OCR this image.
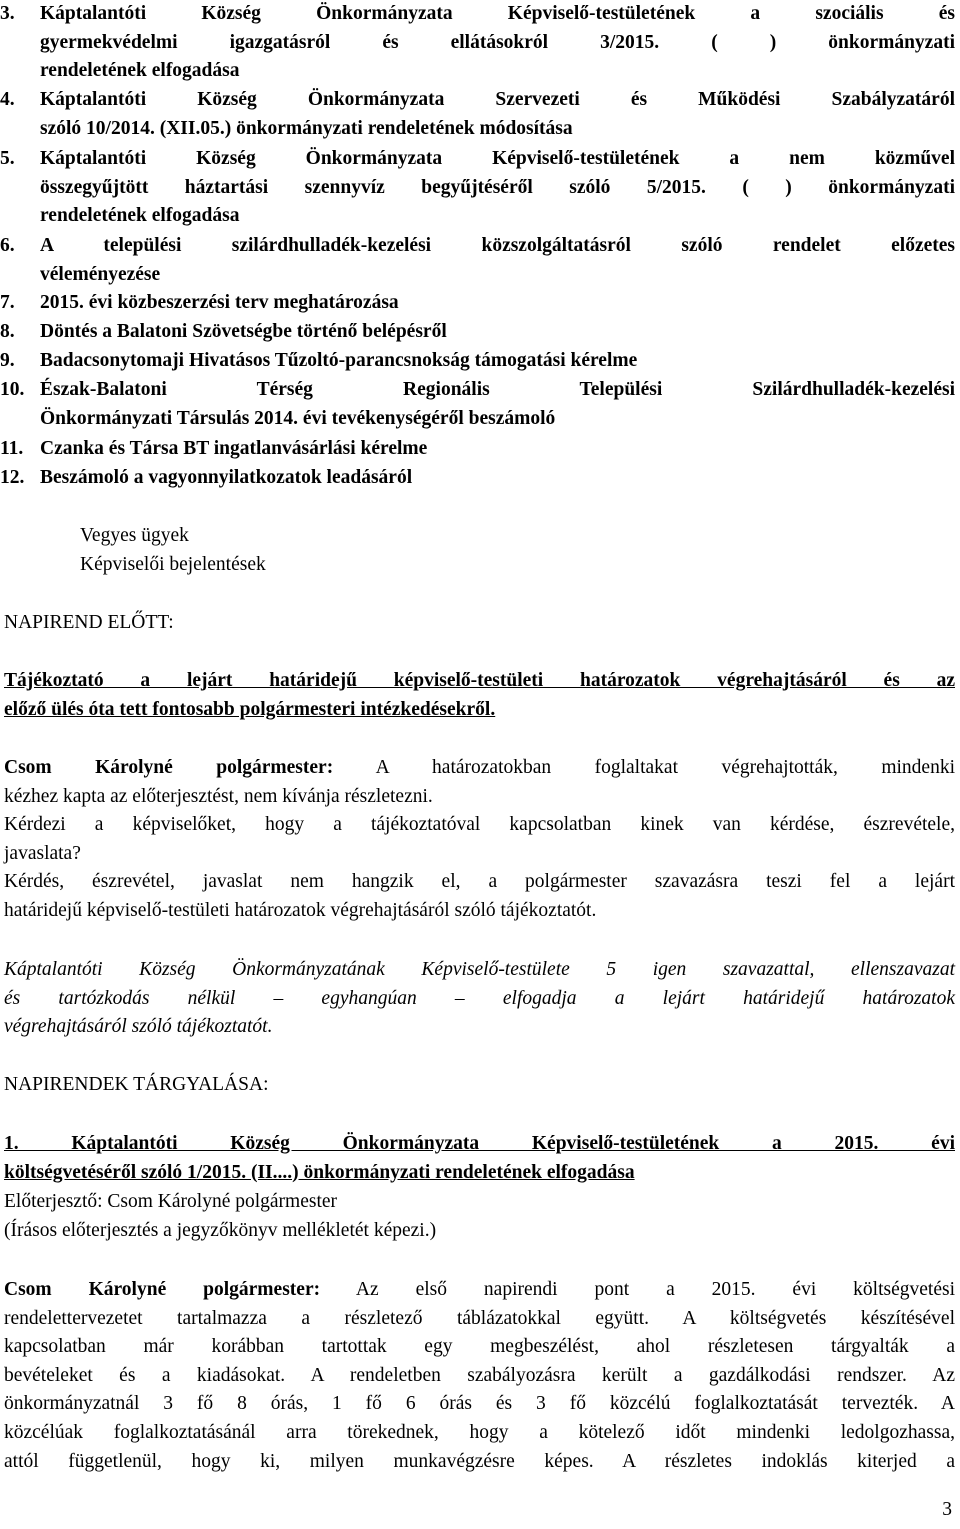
3.	Káptalantóti Község Önkormányzata Képviselő-testületének a szociális és
gyermekvédelmi igazgatásról és ellátásokról 3/2015. ( ) önkormányzati
rendeletének elfogadása
4.	Káptalantóti Község Önkormányzata Szervezeti és Működési Szabályzatáról
szóló 10/2014. (XII.05.) önkormányzati rendeletének módosítása
5.	Káptalantóti Község Önkormányzata Képviselő-testületének a nem közművel
összegyűjtött háztartási szennyvíz begyűjtéséről szóló 5/2015. ( ) önkormányzati
rendeletének elfogadása
6.	A települési szilárdhulladék-kezelési közszolgáltatásról szóló rendelet előzetes
véleményezése
7.	2015. évi közbeszerzési terv meghatározása
8.	Döntés a Balatoni Szövetségbe történő belépésről
9.	Badacsonytomaji Hivatásos Tűzoltó-parancsnokság támogatási kérelme
10. Észak-Balatoni Térség Regionális Települési Szilárdhulladék-kezelési
Önkormányzati Társulás 2014. évi tevékenységéről beszámoló
11. Czanka és Társa BT ingatlanvásárlási kérelme
12. Beszámoló a vagyonnyilatkozatok leadásáról
Vegyes ügyek
Képviselői bejelentések
NAPIREND ELŐTT:
Tájékoztató a lejárt határidejű képviselő-testületi határozatok végrehajtásáról és az
előző ülés óta tett fontosabb polgármesteri intézkedésekről.
Csom Károlyné polgármester: A határozatokban foglaltakat végrehajtották, mindenki
kézhez kapta az előterjesztést, nem kívánja részletezni.
Kérdezi a képviselőket, hogy a tájékoztatóval kapcsolatban kinek van kérdése, észrevétele,
javaslata?
Kérdés, észrevétel, javaslat nem hangzik el, a polgármester szavazásra teszi fel a lejárt
határidejű képviselő-testületi határozatok végrehajtásáról szóló tájékoztatót.
Káptalantóti Község Önkormányzatának Képviselő-testülete 5 igen szavazattal, ellenszavazat
és tartózkodás nélkül – egyhangúan – elfogadja a lejárt határidejű határozatok
végrehajtásáról szóló tájékoztatót.
NAPIRENDEK TÁRGYALÁSA:
1. Káptalantóti Község Önkormányzata Képviselő-testületének a 2015. évi
költségvetéséről szóló 1/2015. (II....) önkormányzati rendeletének elfogadása
Előterjesztő: Csom Károlyné polgármester
(Írásos előterjesztés a jegyzőkönyv mellékletét képezi.)
Csom Károlyné polgármester: Az első napirendi pont a 2015. évi költségvetési
rendelettervezetet tartalmazza a részletező táblázatokkal együtt. A költségvetés készítésével
kapcsolatban már korábban tartottak egy megbeszélést, ahol részletesen tárgyalták a
bevételeket és a kiadásokat. A rendeletben szabályozásra került a gazdálkodási rendszer. Az
önkormányzatnál 3 fő 8 órás, 1 fő 6 órás és 3 fő közcélú foglalkoztatását tervezték. A
közcélúak foglalkoztatásánál arra törekednek, hogy a kötelező időt mindenki ledolgozhassa,
attól függetlenül, hogy ki, milyen munkavégzésre képes. A részletes indoklás kiterjed a
3
